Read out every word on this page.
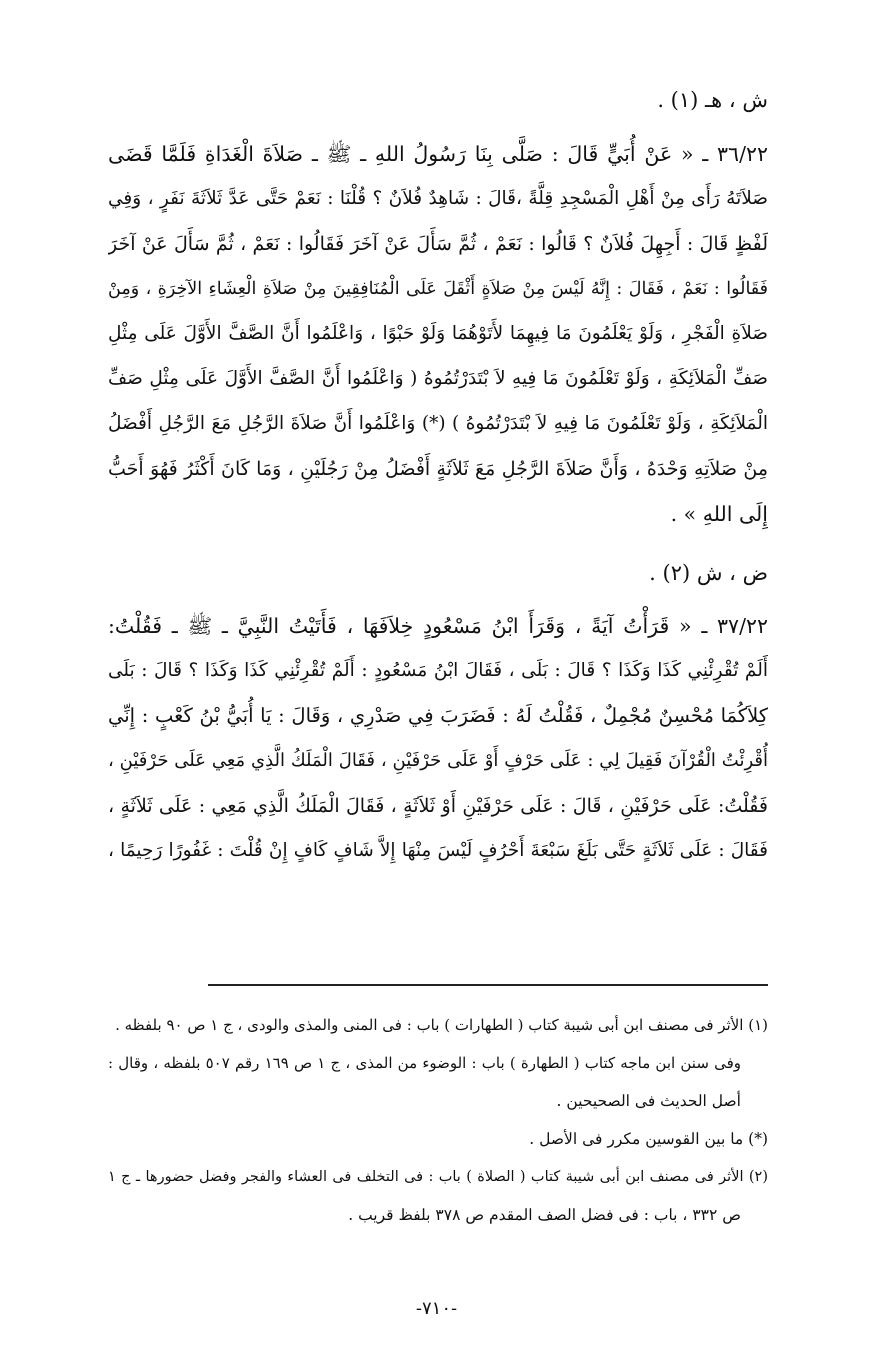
ش ، هـ (١) .
٣٦/٢٢ ـ « عَنْ أُبَيٍّ قَالَ : صَلَّى بِنَا رَسُولُ اللهِ ـ ﷺ ـ صَلاَةَ الْغَدَاةِ فَلَمَّا قَضَى
صَلاَتَهُ رَأَى مِنْ أَهْلِ الْمَسْجِدِ قِلَّةً ،قَالَ : شَاهِدٌ فُلاَنٌ ؟ قُلْنَا : نَعَمْ حَتَّى عَدَّ ثَلاَثَةَ نَفَرٍ ، وَفِي
لَفْظٍ قَالَ : أَجِهِلَ فُلاَنٌ ؟ قَالُوا : نَعَمْ ، ثُمَّ سَأَلَ عَنْ آخَرَ فَقَالُوا : نَعَمْ ، ثُمَّ سَأَلَ عَنْ آخَرَ
فَقَالُوا : نَعَمْ ، فَقَالَ : إِنَّهُ لَيْسَ مِنْ صَلاَةٍ أَثْقَلَ عَلَى الْمُنَافِقِينَ مِنْ صَلاَةِ الْعِشَاءِ الآخِرَةِ ، وَمِنْ
صَلاَةِ الْفَجْرِ ، وَلَوْ يَعْلَمُونَ مَا فِيهِمَا لأَتَوْهُمَا وَلَوْ حَبْوًا ، وَاعْلَمُوا أَنَّ الصَّفَّ الأَوَّلَ عَلَى مِثْلِ
صَفِّ الْمَلاَئِكَةِ ، وَلَوْ تَعْلَمُونَ مَا فِيهِ لاَ بْتَدَرْتُمُوهُ ( وَاعْلَمُوا أَنَّ الصَّفَّ الأَوَّلَ عَلَى مِثْلِ صَفِّ
الْمَلاَئِكَةِ ، وَلَوْ تَعْلَمُونَ مَا فِيهِ لاَ بْتَدَرْتُمُوهُ ) (*) وَاعْلَمُوا أَنَّ صَلاَةَ الرَّجُلِ مَعَ الرَّجُلِ أَفْضَلُ
مِنْ صَلاَتِهِ وَحْدَهُ ، وَأَنَّ صَلاَةَ الرَّجُلِ مَعَ ثَلاَثَةٍ أَفْضَلُ مِنْ رَجُلَيْنِ ، وَمَا كَانَ أَكْثَرُ فَهُوَ أَحَبُّ
إِلَى اللهِ » .
ض ، ش (٢) .
٣٧/٢٢ ـ « قَرَأْتُ آيَةً ، وَقَرَأَ ابْنُ مَسْعُودٍ خِلاَفَهَا ، فَأَتَيْتُ النَّبِيَّ ـ ﷺ ـ فَقُلْتُ:
أَلَمْ تُقْرِئْنِي كَذَا وَكَذَا ؟ قَالَ : بَلَى ، فَقَالَ ابْنُ مَسْعُودٍ : أَلَمْ تُقْرِئْنِي كَذَا وَكَذَا ؟ قَالَ : بَلَى
كِلاَكُمَا مُحْسِنٌ مُجْمِلٌ ، فَقُلْتُ لَهُ : فَضَرَبَ فِي صَدْرِي ، وَقَالَ : يَا أُبَيُّ بْنُ كَعْبٍ : إِنِّي
أُقْرِئْتُ الْقُرْآنَ فَقِيلَ لِي : عَلَى حَرْفٍ أَوْ عَلَى حَرْفَيْنِ ، فَقَالَ الْمَلَكُ الَّذِي مَعِي عَلَى حَرْفَيْنِ ،
فَقُلْتُ: عَلَى حَرْفَيْنِ ، قَالَ : عَلَى حَرْفَيْنِ أَوْ ثَلاَثَةٍ ، فَقَالَ الْمَلَكُ الَّذِي مَعِي : عَلَى ثَلاَثَةٍ ،
فَقَالَ : عَلَى ثَلاَثَةٍ حَتَّى بَلَغَ سَبْعَةَ أَحْرُفٍ لَيْسَ مِنْهَا إِلاَّ شَافٍ كَافٍ إِنْ قُلْتَ : غَفُورًا رَحِيمًا ،
(١) الأثر فى مصنف ابن أبى شيبة كتاب ( الطهارات ) باب : فى المنى والمذى والودى ، ج ١ ص ٩٠ بلفظه .
وفى سنن ابن ماجه كتاب ( الطهارة ) باب : الوضوء من المذى ، ج ١ ص ١٦٩ رقم ٥٠٧ بلفظه ، وقال :
أصل الحديث فى الصحيحين .
(*) ما بين القوسين مكرر فى الأصل .
(٢) الأثر فى مصنف ابن أبى شيبة كتاب ( الصلاة ) باب : فى التخلف فى العشاء والفجر وفضل حضورها ـ ج ١
ص ٣٣٢ ، باب : فى فضل الصف المقدم ص ٣٧٨ بلفظ قريب .
-٧١٠-
